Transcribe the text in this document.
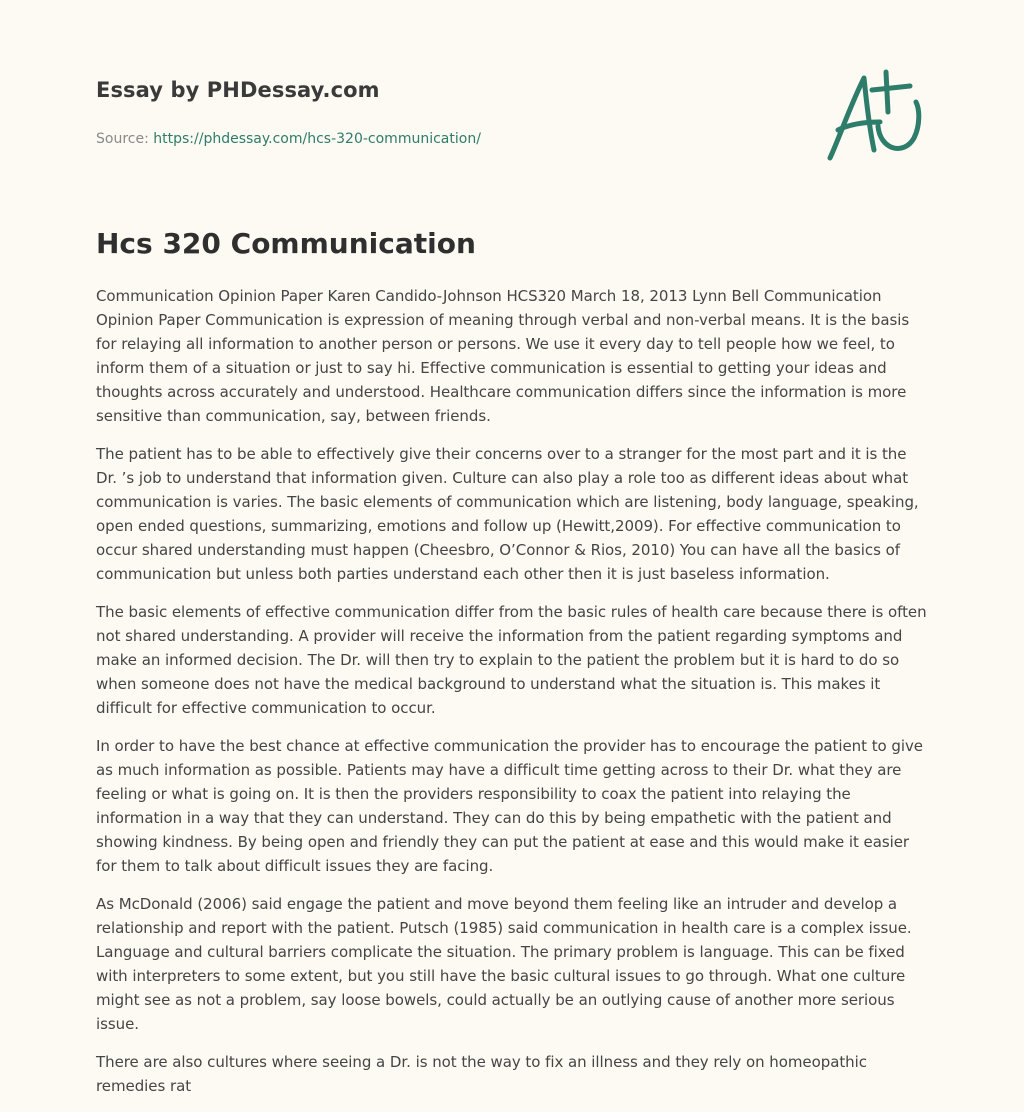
Essay by PHDessay.com
Source: https://phdessay.com/hcs-320-communication/
Hcs 320 Communication

Communication Opinion Paper Karen Candido-Johnson HCS320 March 18, 2013 Lynn Bell Communication Opinion Paper Communication is expression of meaning through verbal and non-verbal means. It is the basis for relaying all information to another person or persons. We use it every day to tell people how we feel, to inform them of a situation or just to say hi. Effective communication is essential to getting your ideas and thoughts across accurately and understood. Healthcare communication differs since the information is more sensitive than communication, say, between friends.

The patient has to be able to effectively give their concerns over to a stranger for the most part and it is the Dr. ’s job to understand that information given. Culture can also play a role too as different ideas about what communication is varies. The basic elements of communication which are listening, body language, speaking, open ended questions, summarizing, emotions and follow up (Hewitt,2009). For effective communication to occur shared understanding must happen (Cheesbro, O’Connor & Rios, 2010) You can have all the basics of communication but unless both parties understand each other then it is just baseless information.

The basic elements of effective communication differ from the basic rules of health care because there is often not shared understanding. A provider will receive the information from the patient regarding symptoms and make an informed decision. The Dr. will then try to explain to the patient the problem but it is hard to do so when someone does not have the medical background to understand what the situation is. This makes it difficult for effective communication to occur.

In order to have the best chance at effective communication the provider has to encourage the patient to give as much information as possible. Patients may have a difficult time getting across to their Dr. what they are feeling or what is going on. It is then the providers responsibility to coax the patient into relaying the information in a way that they can understand. They can do this by being empathetic with the patient and showing kindness. By being open and friendly they can put the patient at ease and this would make it easier for them to talk about difficult issues they are facing.

As McDonald (2006) said engage the patient and move beyond them feeling like an intruder and develop a relationship and report with the patient. Putsch (1985) said communication in health care is a complex issue. Language and cultural barriers complicate the situation. The primary problem is language. This can be fixed with interpreters to some extent, but you still have the basic cultural issues to go through. What one culture might see as not a problem, say loose bowels, could actually be an outlying cause of another more serious issue.

There are also cultures where seeing a Dr. is not the way to fix an illness and they rely on homeopathic remedies rat
